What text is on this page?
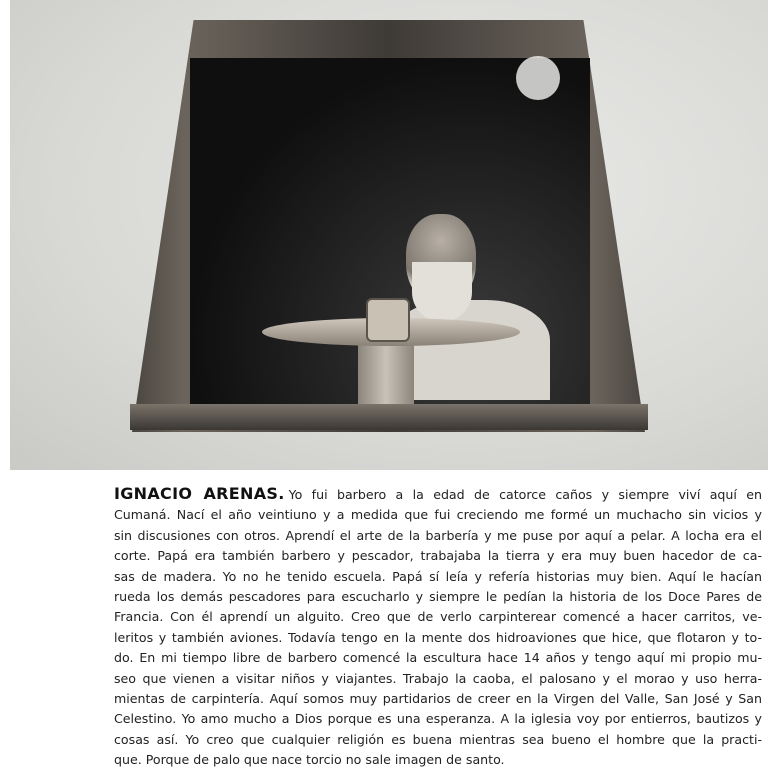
IGNACIO ARENAS. Yo fui barbero a la edad de catorce caños y siempre viví aquí en
Cumaná. Nací el año veintiuno y a medida que fui creciendo me formé un muchacho sin vicios y
sin discusiones con otros. Aprendí el arte de la barbería y me puse por aquí a pelar. A locha era el
corte. Papá era también barbero y pescador, trabajaba la tierra y era muy buen hacedor de ca-
sas de madera. Yo no he tenido escuela. Papá sí leía y refería historias muy bien. Aquí le hacían
rueda los demás pescadores para escucharlo y siempre le pedían la historia de los Doce Pares de
Francia. Con él aprendí un alguito. Creo que de verlo carpinterear comencé a hacer carritos, ve-
leritos y también aviones. Todavía tengo en la mente dos hidroaviones que hice, que flotaron y to-
do. En mi tiempo libre de barbero comencé la escultura hace 14 años y tengo aquí mi propio mu-
seo que vienen a visitar niños y viajantes. Trabajo la caoba, el palosano y el morao y uso herra-
mientas de carpintería. Aquí somos muy partidarios de creer en la Virgen del Valle, San José y San
Celestino. Yo amo mucho a Dios porque es una esperanza. A la iglesia voy por entierros, bautizos y
cosas así. Yo creo que cualquier religión es buena mientras sea bueno el hombre que la practi-
que. Porque de palo que nace torcio no sale imagen de santo.
